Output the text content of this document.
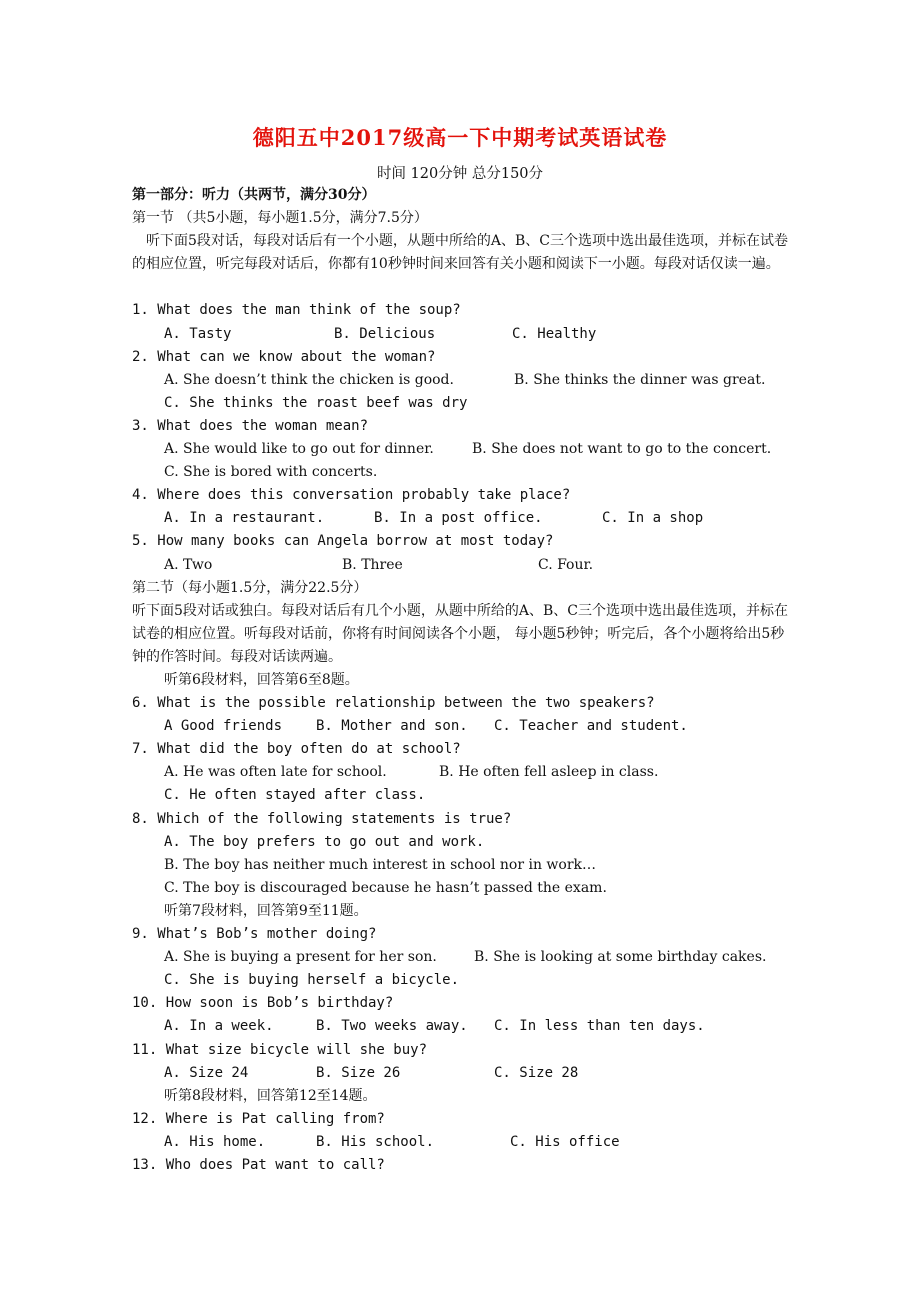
德阳五中2017级高一下中期考试英语试卷
时间 120分钟 总分150分
第一部分：听力（共两节，满分30分）
第一节 （共5小题，每小题1.5分，满分7.5分）
听下面5段对话，每段对话后有一个小题，从题中所给的A、B、C三个选项中选出最佳选项，并标在试卷的相应位置，听完每段对话后，你都有10秒钟时间来回答有关小题和阅读下一小题。每段对话仅读一遍。
1. What does the man think of the soup?
A. Tasty	B. Delicious	C. Healthy
2. What can we know about the woman?
A. She doesn’t think the chicken is good.	B. She thinks the dinner was great.
C. She thinks the roast beef was dry
3. What does the woman mean?
A. She would like to go out for dinner.	B. She does not want to go to the concert.
C. She is bored with concerts.
4. Where does this conversation probably take place?
A. In a restaurant.	B. In a post office.	C. In a shop
5. How many books can Angela borrow at most today?
A. Two	B. Three	C. Four.
第二节（每小题1.5分，满分22.5分）
听下面5段对话或独白。每段对话后有几个小题，从题中所给的A、B、C三个选项中选出最佳选项，并标在试卷的相应位置。听每段对话前，你将有时间阅读各个小题， 每小题5秒钟；听完后，各个小题将给出5秒钟的作答时间。每段对话读两遍。
听第6段材料，回答第6至8题。
6. What is the possible relationship between the two speakers?
A Good friends B. Mother and son. C. Teacher and student.
7. What did the boy often do at school?
A. He was often late for school.	B. He often fell asleep in class.
C. He often stayed after class.
8. Which of the following statements is true?
A. The boy prefers to go out and work.
B. The boy has neither much interest in school nor in work…
C. The boy is discouraged because he hasn’t passed the exam.
听第7段材料，回答第9至11题。
9. What’s Bob’s mother doing?
A. She is buying a present for her son.	B. She is looking at some birthday cakes.
C. She is buying herself a bicycle.
10. How soon is Bob’s birthday?
A. In a week.	B. Two weeks away. C. In less than ten days.
11. What size bicycle will she buy?
A. Size 24	B. Size 26	C. Size 28
听第8段材料，回答第12至14题。
12. Where is Pat calling from?
A. His home.	B. His school.	C. His office
13. Who does Pat want to call?
